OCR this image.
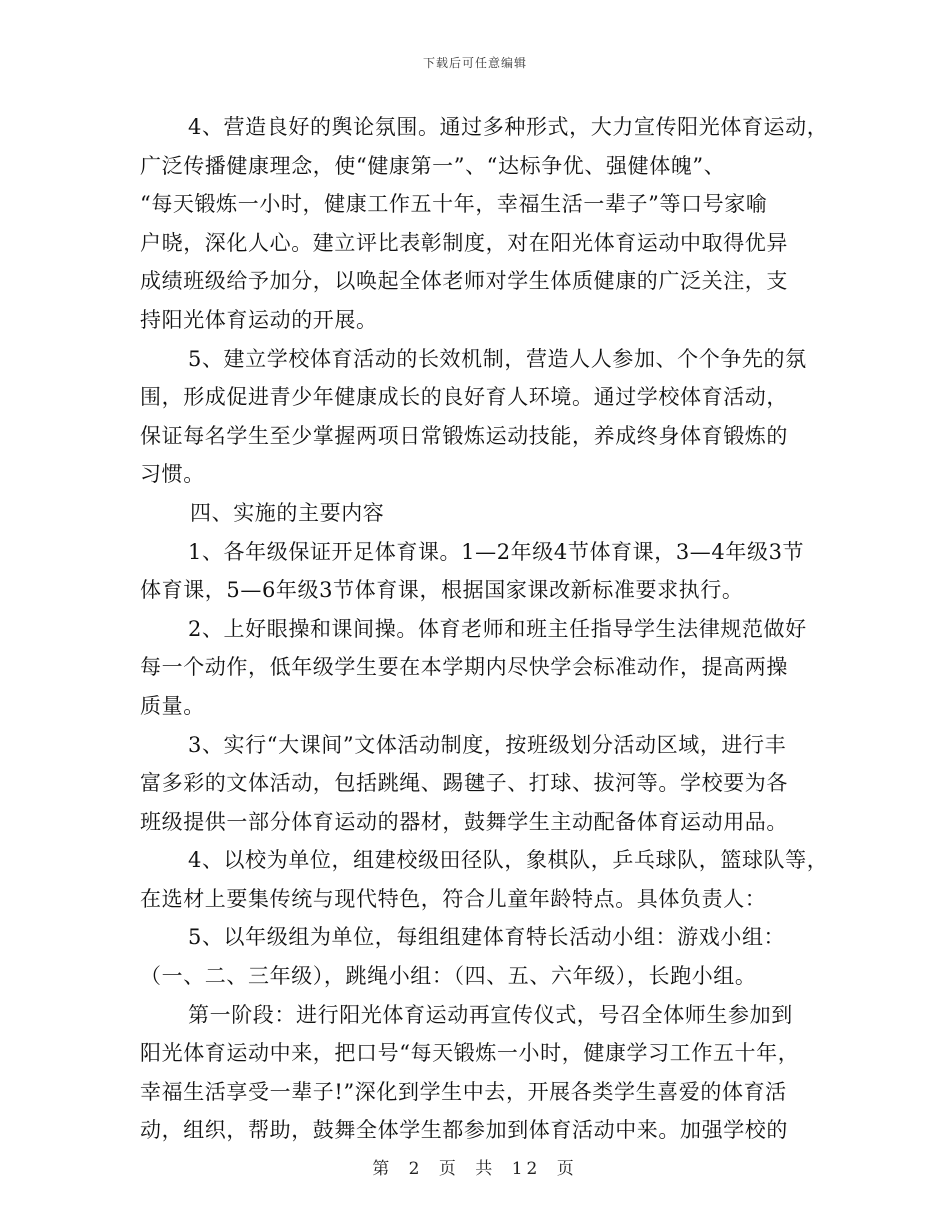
下载后可任意编辑
4、营造良好的舆论氛围。通过多种形式，大力宣传阳光体育运动，
广泛传播健康理念，使“健康第一”、“达标争优、强健体魄”、
“每天锻炼一小时，健康工作五十年，幸福生活一辈子”等口号家喻
户晓，深化人心。建立评比表彰制度，对在阳光体育运动中取得优异
成绩班级给予加分，以唤起全体老师对学生体质健康的广泛关注，支
持阳光体育运动的开展。
5、建立学校体育活动的长效机制，营造人人参加、个个争先的氛
围，形成促进青少年健康成长的良好育人环境。通过学校体育活动，
保证每名学生至少掌握两项日常锻炼运动技能，养成终身体育锻炼的
习惯。
四、实施的主要内容
1、各年级保证开足体育课。1—2年级4节体育课，3—4年级3节
体育课，5—6年级3节体育课，根据国家课改新标准要求执行。
2、上好眼操和课间操。体育老师和班主任指导学生法律规范做好
每一个动作，低年级学生要在本学期内尽快学会标准动作，提高两操
质量。
3、实行“大课间”文体活动制度，按班级划分活动区域，进行丰
富多彩的文体活动，包括跳绳、踢毽子、打球、拔河等。学校要为各
班级提供一部分体育运动的器材，鼓舞学生主动配备体育运动用品。
4、以校为单位，组建校级田径队，象棋队，乒乓球队，篮球队等，
在选材上要集传统与现代特色，符合儿童年龄特点。具体负责人：
5、以年级组为单位，每组组建体育特长活动小组：游戏小组：
（一、二、三年级），跳绳小组：（四、五、六年级），长跑小组。
第一阶段：进行阳光体育运动再宣传仪式，号召全体师生参加到
阳光体育运动中来，把口号“每天锻炼一小时，健康学习工作五十年，
幸福生活享受一辈子!”深化到学生中去，开展各类学生喜爱的体育活
动，组织，帮助，鼓舞全体学生都参加到体育活动中来。加强学校的
第 2 页 共 12 页
